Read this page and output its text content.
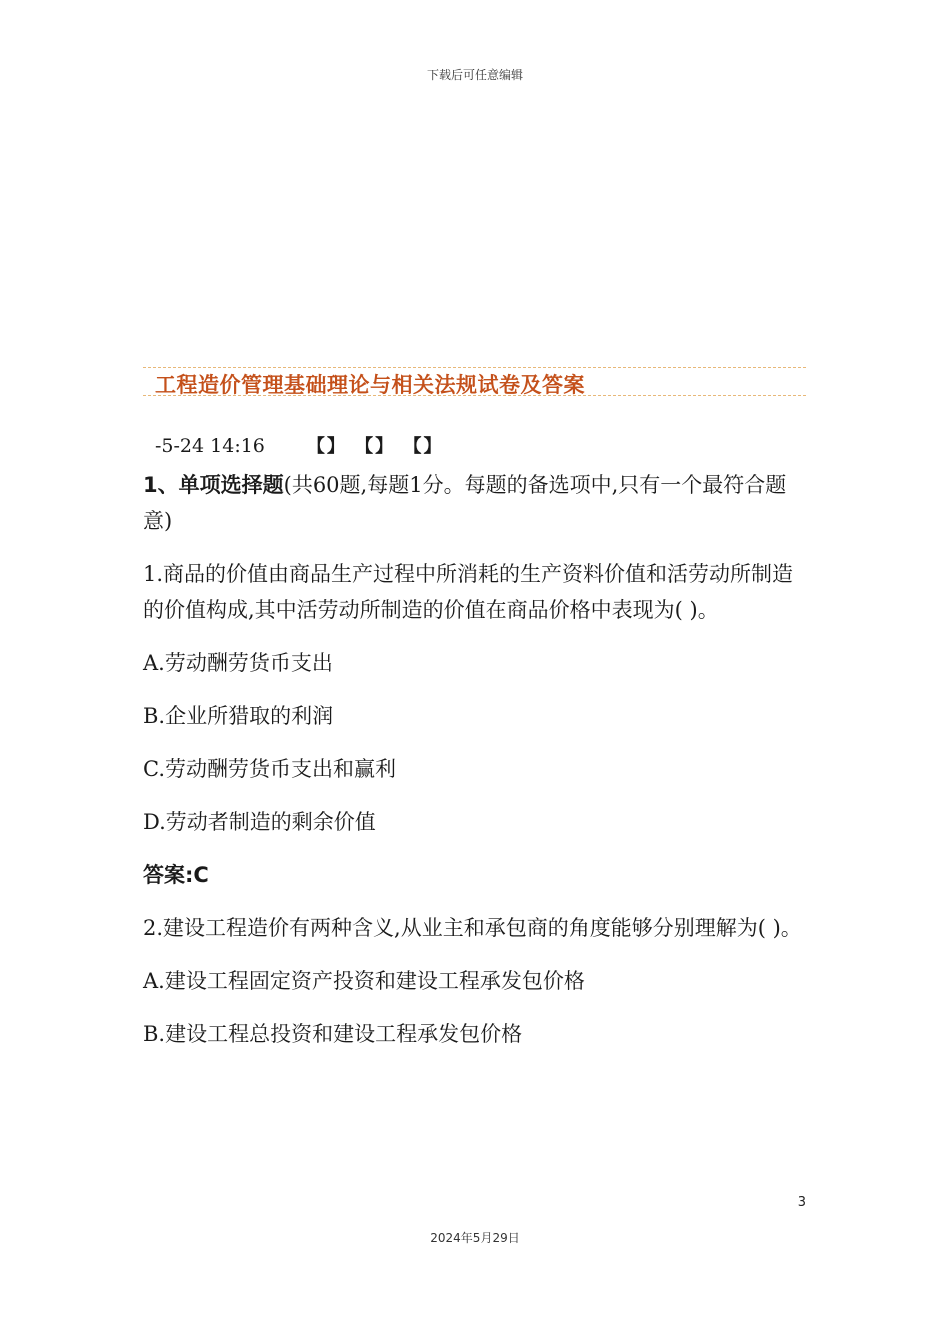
下载后可任意编辑
工程造价管理基础理论与相关法规试卷及答案
-5-24 14:16 【】 【】 【】

1、单项选择题(共60题,每题1分。每题的备选项中,只有一个最符合题意)

1.商品的价值由商品生产过程中所消耗的生产资料价值和活劳动所制造的价值构成,其中活劳动所制造的价值在商品价格中表现为( )。

A.劳动酬劳货币支出

B.企业所猎取的利润

C.劳动酬劳货币支出和赢利

D.劳动者制造的剩余价值

答案:C

2.建设工程造价有两种含义,从业主和承包商的角度能够分别理解为( )。

A.建设工程固定资产投资和建设工程承发包价格

B.建设工程总投资和建设工程承发包价格

3
2024年5月29日
